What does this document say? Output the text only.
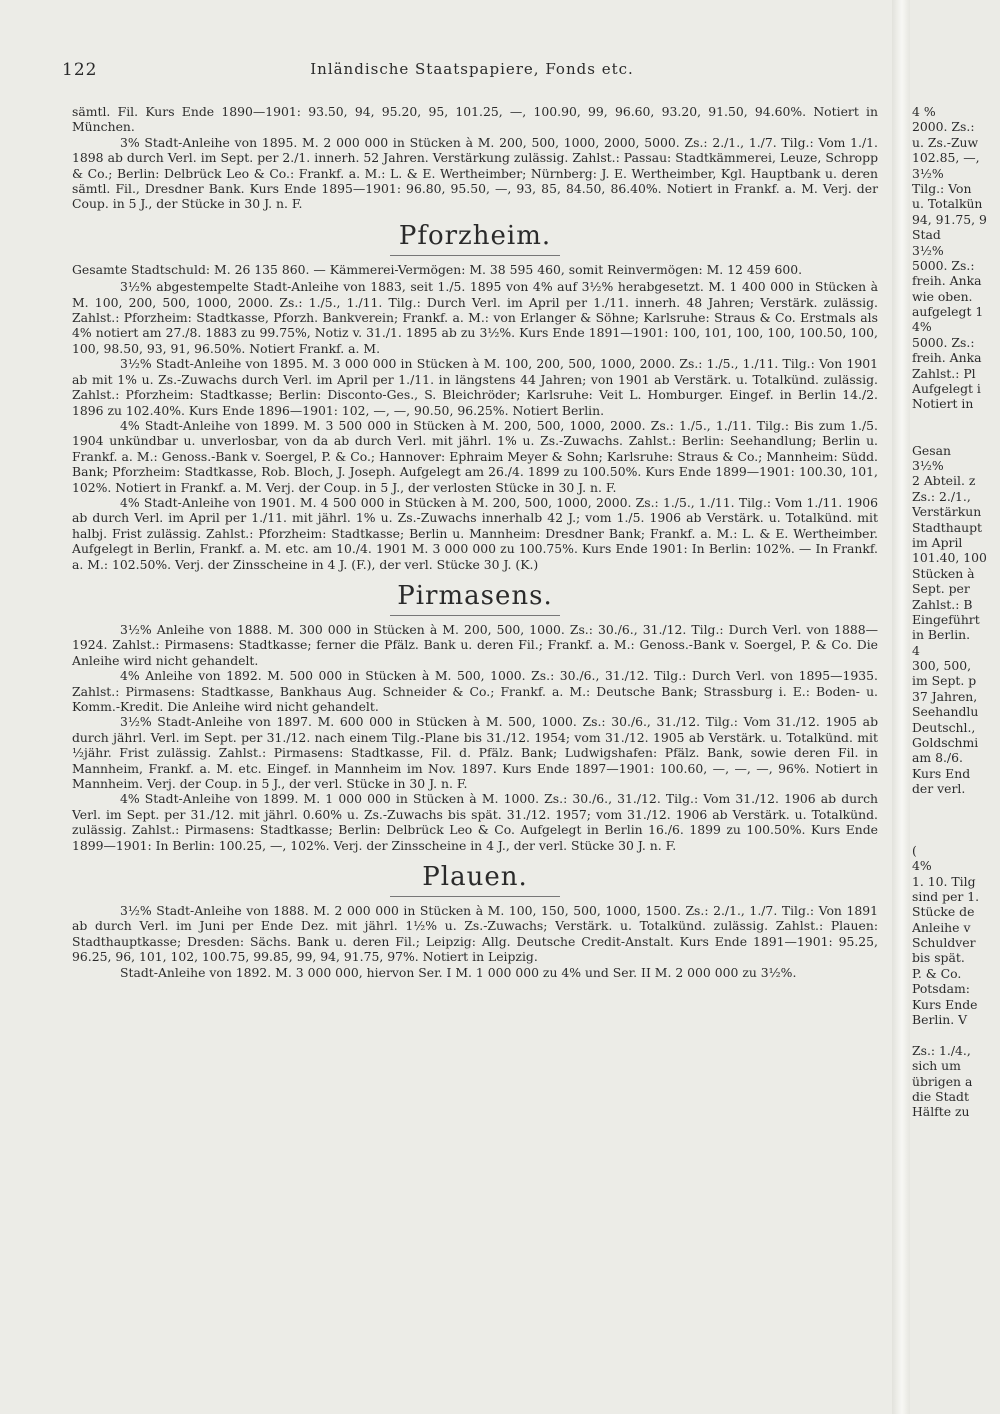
122	Inländische Staatspapiere, Fonds etc.

sämtl. Fil. Kurs Ende 1890—1901: 93.50, 94, 95.20, 95, 101.25, —, 100.90, 99, 96.60, 93.20, 91.50, 94.60%. Notiert in München.

3% Stadt-Anleihe von 1895. M. 2 000 000 in Stücken à M. 200, 500, 1000, 2000, 5000. Zs.: 2./1., 1./7. Tilg.: Vom 1./1. 1898 ab durch Verl. im Sept. per 2./1. innerh. 52 Jahren. Verstärkung zulässig. Zahlst.: Passau: Stadtkämmerei, Leuze, Schropp & Co.; Berlin: Delbrück Leo & Co.: Frankf. a. M.: L. & E. Wertheimber; Nürnberg: J. E. Wertheimber, Kgl. Hauptbank u. deren sämtl. Fil., Dresdner Bank. Kurs Ende 1895—1901: 96.80, 95.50, —, 93, 85, 84.50, 86.40%. Notiert in Frankf. a. M. Verj. der Coup. in 5 J., der Stücke in 30 J. n. F.

Pforzheim.

Gesamte Stadtschuld: M. 26 135 860. — Kämmerei-Vermögen: M. 38 595 460, somit Reinvermögen: M. 12 459 600.

3½% abgestempelte Stadt-Anleihe von 1883, seit 1./5. 1895 von 4% auf 3½% herabgesetzt. M. 1 400 000 in Stücken à M. 100, 200, 500, 1000, 2000. Zs.: 1./5., 1./11. Tilg.: Durch Verl. im April per 1./11. innerh. 48 Jahren; Verstärk. zulässig. Zahlst.: Pforzheim: Stadtkasse, Pforzh. Bankverein; Frankf. a. M.: von Erlanger & Söhne; Karlsruhe: Straus & Co. Erstmals als 4% notiert am 27./8. 1883 zu 99.75%, Notiz v. 31./1. 1895 ab zu 3½%. Kurs Ende 1891—1901: 100, 101, 100, 100, 100.50, 100, 100, 98.50, 93, 91, 96.50%. Notiert Frankf. a. M.

3½% Stadt-Anleihe von 1895. M. 3 000 000 in Stücken à M. 100, 200, 500, 1000, 2000. Zs.: 1./5., 1./11. Tilg.: Von 1901 ab mit 1% u. Zs.-Zuwachs durch Verl. im April per 1./11. in längstens 44 Jahren; von 1901 ab Verstärk. u. Totalkünd. zulässig. Zahlst.: Pforzheim: Stadtkasse; Berlin: Disconto-Ges., S. Bleichröder; Karlsruhe: Veit L. Homburger. Eingef. in Berlin 14./2. 1896 zu 102.40%. Kurs Ende 1896—1901: 102, —, —, 90.50, 96.25%. Notiert Berlin.

4% Stadt-Anleihe von 1899. M. 3 500 000 in Stücken à M. 200, 500, 1000, 2000. Zs.: 1./5., 1./11. Tilg.: Bis zum 1./5. 1904 unkündbar u. unverlosbar, von da ab durch Verl. mit jährl. 1% u. Zs.-Zuwachs. Zahlst.: Berlin: Seehandlung; Berlin u. Frankf. a. M.: Genoss.-Bank v. Soergel, P. & Co.; Hannover: Ephraim Meyer & Sohn; Karlsruhe: Straus & Co.; Mannheim: Südd. Bank; Pforzheim: Stadtkasse, Rob. Bloch, J. Joseph. Aufgelegt am 26./4. 1899 zu 100.50%. Kurs Ende 1899—1901: 100.30, 101, 102%. Notiert in Frankf. a. M. Verj. der Coup. in 5 J., der verlosten Stücke in 30 J. n. F.

4% Stadt-Anleihe von 1901. M. 4 500 000 in Stücken à M. 200, 500, 1000, 2000. Zs.: 1./5., 1./11. Tilg.: Vom 1./11. 1906 ab durch Verl. im April per 1./11. mit jährl. 1% u. Zs.-Zuwachs innerhalb 42 J.; vom 1./5. 1906 ab Verstärk. u. Totalkünd. mit halbj. Frist zulässig. Zahlst.: Pforzheim: Stadtkasse; Berlin u. Mannheim: Dresdner Bank; Frankf. a. M.: L. & E. Wertheimber. Aufgelegt in Berlin, Frankf. a. M. etc. am 10./4. 1901 M. 3 000 000 zu 100.75%. Kurs Ende 1901: In Berlin: 102%. — In Frankf. a. M.: 102.50%. Verj. der Zinsscheine in 4 J. (F.), der verl. Stücke 30 J. (K.)

Pirmasens.

3½% Anleihe von 1888. M. 300 000 in Stücken à M. 200, 500, 1000. Zs.: 30./6., 31./12. Tilg.: Durch Verl. von 1888—1924. Zahlst.: Pirmasens: Stadtkasse; ferner die Pfälz. Bank u. deren Fil.; Frankf. a. M.: Genoss.-Bank v. Soergel, P. & Co. Die Anleihe wird nicht gehandelt.

4% Anleihe von 1892. M. 500 000 in Stücken à M. 500, 1000. Zs.: 30./6., 31./12. Tilg.: Durch Verl. von 1895—1935. Zahlst.: Pirmasens: Stadtkasse, Bankhaus Aug. Schneider & Co.; Frankf. a. M.: Deutsche Bank; Strassburg i. E.: Boden- u. Komm.-Kredit. Die Anleihe wird nicht gehandelt.

3½% Stadt-Anleihe von 1897. M. 600 000 in Stücken à M. 500, 1000. Zs.: 30./6., 31./12. Tilg.: Vom 31./12. 1905 ab durch jährl. Verl. im Sept. per 31./12. nach einem Tilg.-Plane bis 31./12. 1954; vom 31./12. 1905 ab Verstärk. u. Totalkünd. mit ½jähr. Frist zulässig. Zahlst.: Pirmasens: Stadtkasse, Fil. d. Pfälz. Bank; Ludwigshafen: Pfälz. Bank, sowie deren Fil. in Mannheim, Frankf. a. M. etc. Eingef. in Mannheim im Nov. 1897. Kurs Ende 1897—1901: 100.60, —, —, —, 96%. Notiert in Mannheim. Verj. der Coup. in 5 J., der verl. Stücke in 30 J. n. F.

4% Stadt-Anleihe von 1899. M. 1 000 000 in Stücken à M. 1000. Zs.: 30./6., 31./12. Tilg.: Vom 31./12. 1906 ab durch Verl. im Sept. per 31./12. mit jährl. 0.60% u. Zs.-Zuwachs bis spät. 31./12. 1957; vom 31./12. 1906 ab Verstärk. u. Totalkünd. zulässig. Zahlst.: Pirmasens: Stadtkasse; Berlin: Delbrück Leo & Co. Aufgelegt in Berlin 16./6. 1899 zu 100.50%. Kurs Ende 1899—1901: In Berlin: 100.25, —, 102%. Verj. der Zinsscheine in 4 J., der verl. Stücke 30 J. n. F.

Plauen.

3½% Stadt-Anleihe von 1888. M. 2 000 000 in Stücken à M. 100, 150, 500, 1000, 1500. Zs.: 2./1., 1./7. Tilg.: Von 1891 ab durch Verl. im Juni per Ende Dez. mit jährl. 1½% u. Zs.-Zuwachs; Verstärk. u. Totalkünd. zulässig. Zahlst.: Plauen: Stadthauptkasse; Dresden: Sächs. Bank u. deren Fil.; Leipzig: Allg. Deutsche Credit-Anstalt. Kurs Ende 1891—1901: 95.25, 96.25, 96, 101, 102, 100.75, 99.85, 99, 94, 91.75, 97%. Notiert in Leipzig.

Stadt-Anleihe von 1892. M. 3 000 000, hiervon Ser. I M. 1 000 000 zu 4% und Ser. II M. 2 000 000 zu 3½%.

4 %
2000. Zs.:
u. Zs.-Zuw
102.85, —,
3½%
Tilg.: Von
u. Totalkün
94, 91.75, 9
Stad
3½%
5000. Zs.:
freih. Anka
wie oben.
aufgelegt 1
4%
5000. Zs.:
freih. Anka
Zahlst.: Pl
Aufgelegt i
Notiert in
Gesan
3½%
2 Abteil. z
Zs.: 2./1.,
Verstärkun
Stadthaupt
im April
101.40, 100
Stücken à
Sept. per
Zahlst.: B
Eingeführt
in Berlin.
4
300, 500,
im Sept. p
37 Jahren,
Seehandlu
Deutschl.,
Goldschmi
am 8./6.
Kurs End
der verl.
(
4%
1. 10. Tilg
sind per 1.
Stücke de
Anleihe v
Schuldver
bis spät.
P. & Co.
Potsdam:
Kurs Ende
Berlin. V
Zs.: 1./4.,
sich um
übrigen a
die Stadt
Hälfte zu
